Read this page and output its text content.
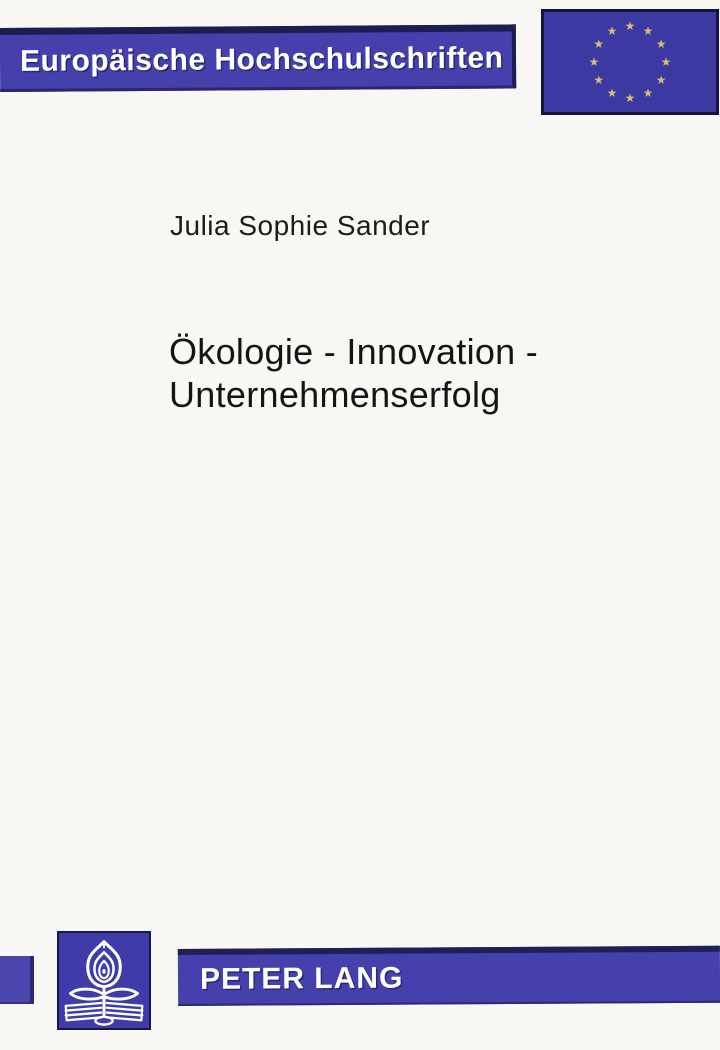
Europäische Hochschulschriften
★ ★
★
★
★
★
★
★
★
★
★
★
Julia Sophie Sander
Ökologie - Innovation -
Unternehmenserfolg
PETER LANG
